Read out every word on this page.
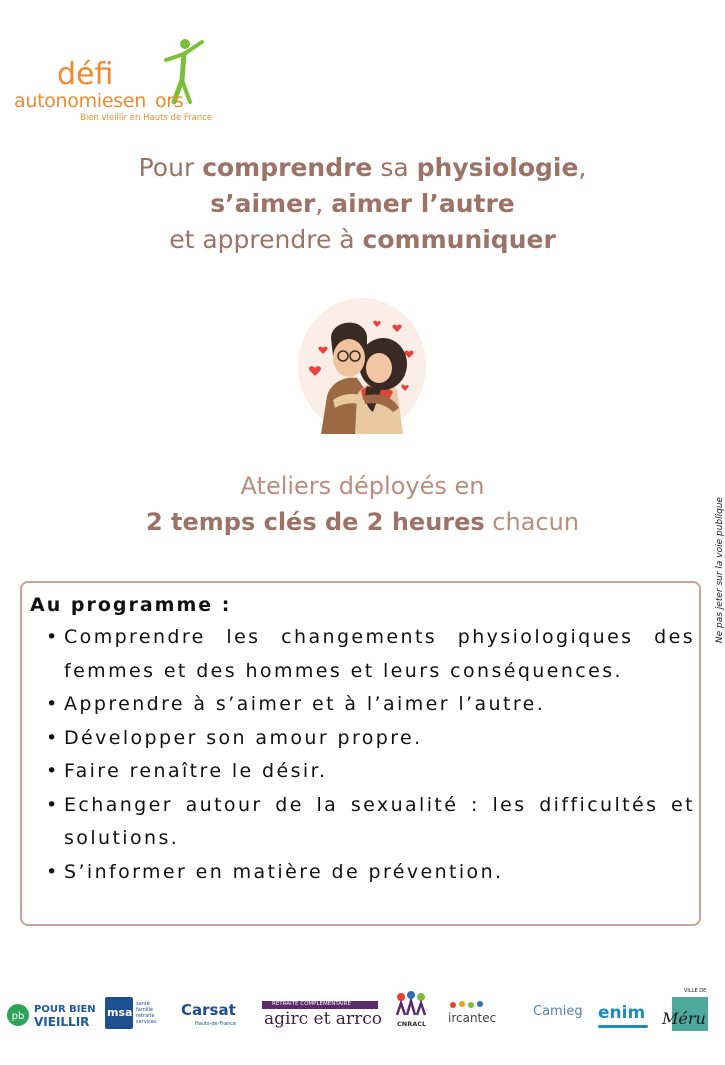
défi
autonomiesen ors
Bien vieillir en Hauts de France
Pour comprendre sa physiologie,
s’aimer, aimer l’autre
et apprendre à communiquer
Ateliers déployés en
2 temps clés de 2 heures chacun	Ne pas jeter sur la voie publique
Au programme :
• Comprendre les changements physiologiques des femmes et des hommes et leurs conséquences.
• Apprendre à s’aimer et à l’aimer l’autre.
• Développer son amour propre.
• Faire renaître le désir.
• Echanger autour de la sexualité : les difficultés et solutions.
• S’informer en matière de prévention.
pb
POUR BIEN
VIEILLIR
msa
santé famille retraite services
Carsat
Hauts-de-France
RETRAITE COMPLÉMENTAIRE
agirc et arrco CNRACL ircantec	Camieg enim
VILLE DE
Méru
